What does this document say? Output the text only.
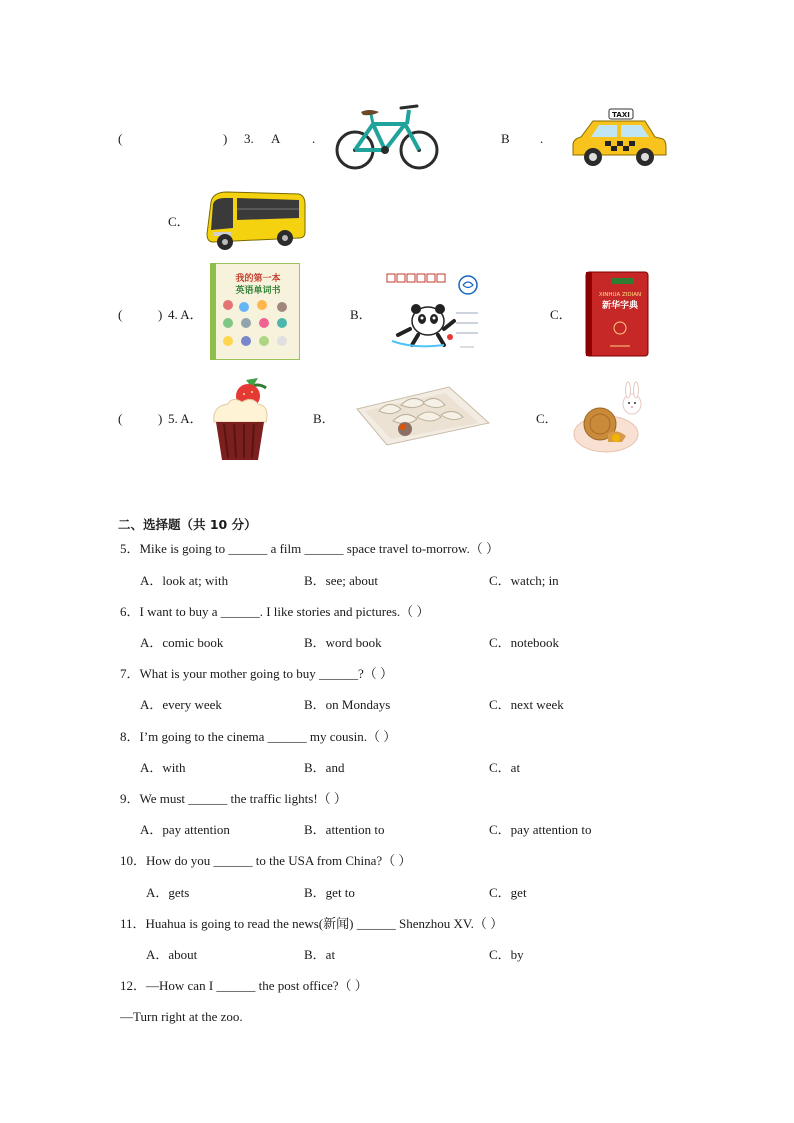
(	) 3. A .	B .
C．
TAXI
(	) 4. A．	B．	C．
我的第一本
英语单词书	XINHUA ZIDIAN
新华字典
(	) 5. A．	B．	C．
二、选择题（共 10 分）
5．Mike is going to ______ a film ______ space travel to-morrow.（ ）
A．look at; with	B．see; about	C．watch; in
6．I want to buy a ______. I like stories and pictures.（ ）
A．comic book	B．word book	C．notebook
7．What is your mother going to buy ______?（ ）
A．every week	B．on Mondays	C．next week
8．I’m going to the cinema ______ my cousin.（ ）
A．with	B．and	C．at
9．We must ______ the traffic lights!（ ）
A．pay attention	B．attention to	C．pay attention to
10．How do you ______ to the USA from China?（ ）
A．gets	B．get to	C．get
11．Huahua is going to read the news(新闻) ______ Shenzhou XV.（ ）
A．about	B．at	C．by
12．—How can I ______ the post office?（ ）
—Turn right at the zoo.
